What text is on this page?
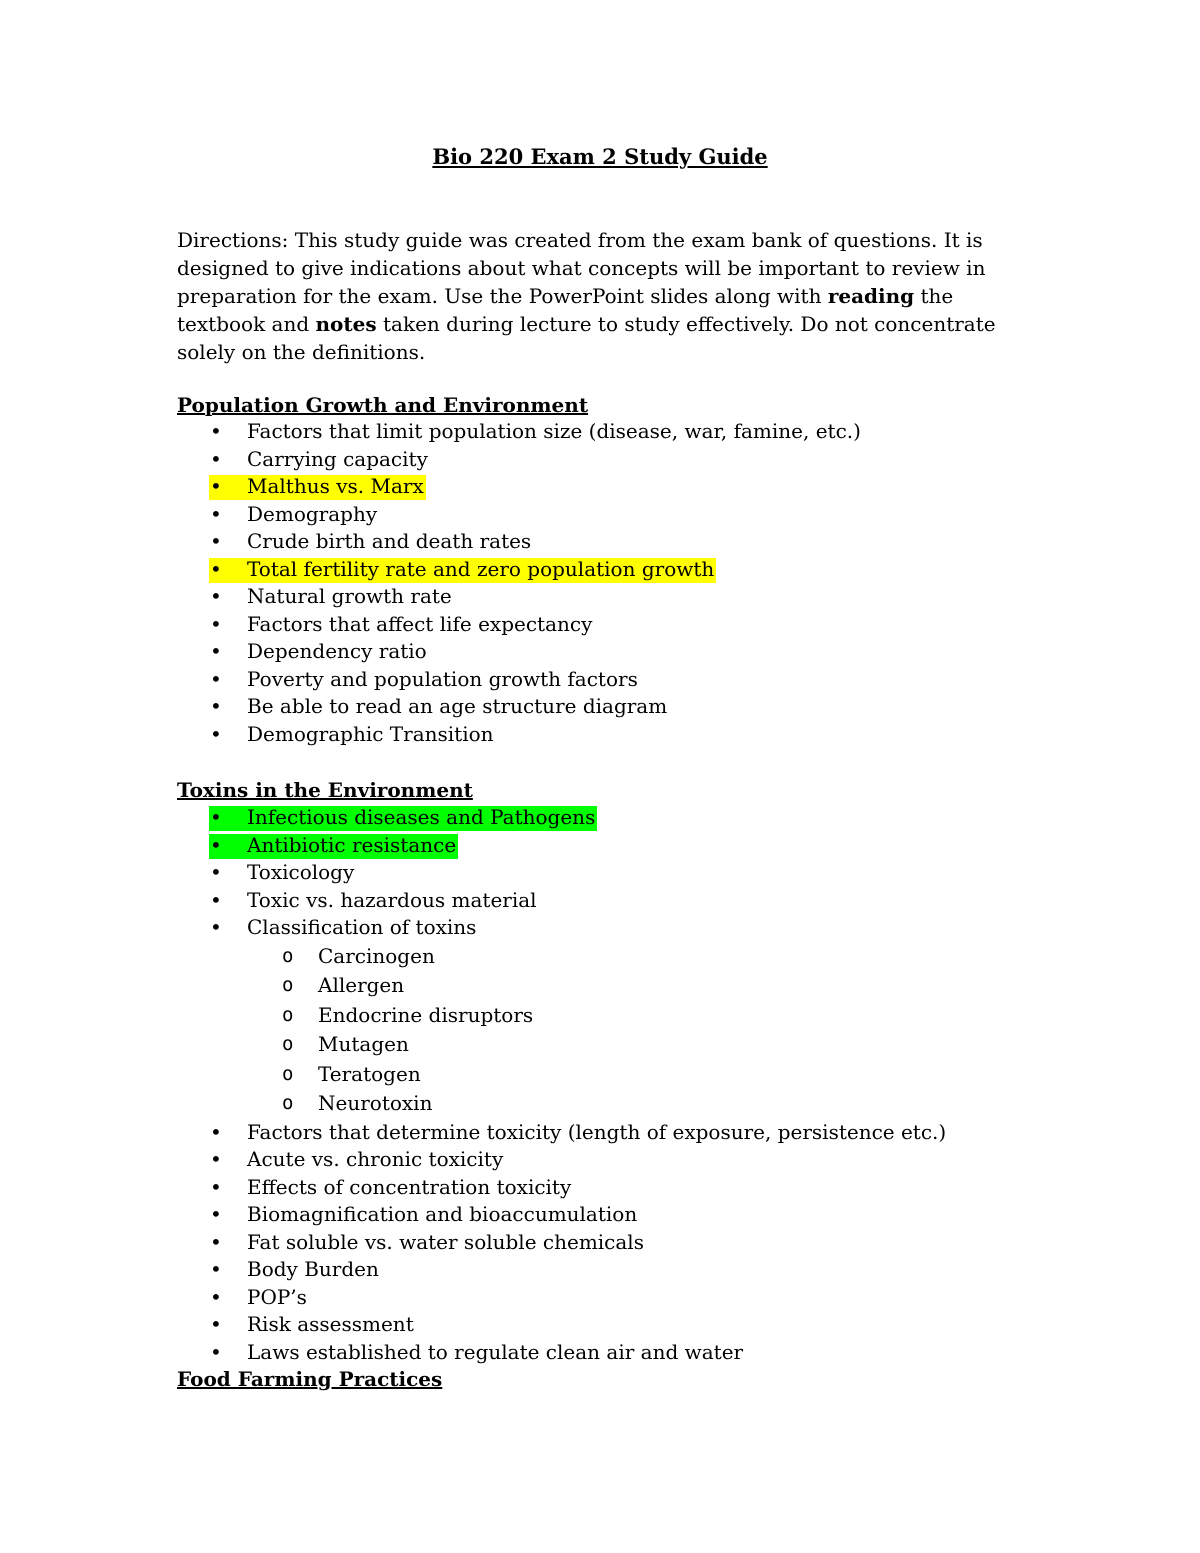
Bio 220 Exam 2 Study Guide
Directions: This study guide was created from the exam bank of questions. It is designed to give indications about what concepts will be important to review in preparation for the exam. Use the PowerPoint slides along with reading the textbook and notes taken during lecture to study effectively. Do not concentrate solely on the definitions.
Population Growth and Environment
• Factors that limit population size (disease, war, famine, etc.)
• Carrying capacity
• Malthus vs. Marx
• Demography
• Crude birth and death rates
• Total fertility rate and zero population growth
• Natural growth rate
• Factors that affect life expectancy
• Dependency ratio
• Poverty and population growth factors
• Be able to read an age structure diagram
• Demographic Transition
Toxins in the Environment
• Infectious diseases and Pathogens
• Antibiotic resistance
• Toxicology
• Toxic vs. hazardous material
• Classification of toxins
o Carcinogen
o Allergen
o Endocrine disruptors
o Mutagen
o Teratogen
o Neurotoxin
• Factors that determine toxicity (length of exposure, persistence etc.)
• Acute vs. chronic toxicity
• Effects of concentration toxicity
• Biomagnification and bioaccumulation
• Fat soluble vs. water soluble chemicals
• Body Burden
• POP’s
• Risk assessment
• Laws established to regulate clean air and water
Food Farming Practices
